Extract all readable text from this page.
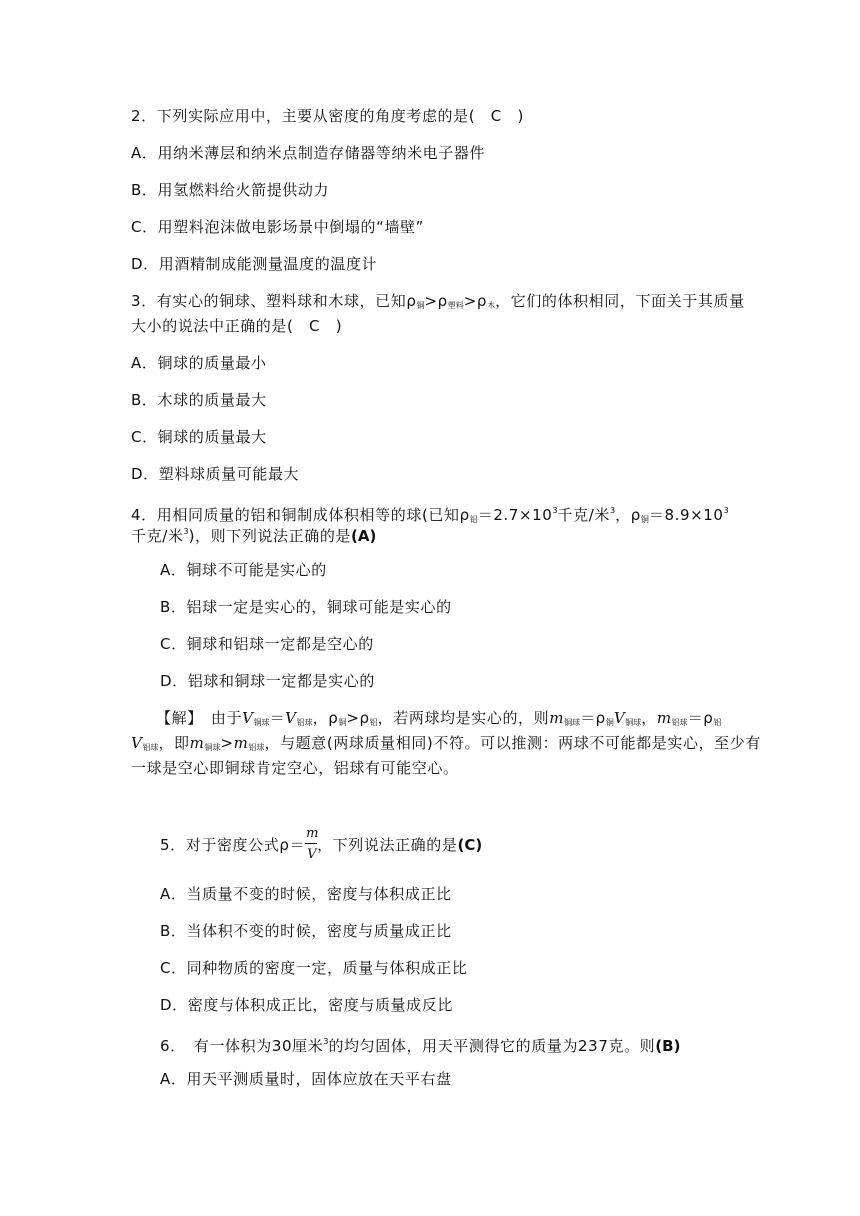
2．下列实际应用中，主要从密度的角度考虑的是(　C　)
A．用纳米薄层和纳米点制造存储器等纳米电子器件
B．用氢燃料给火箭提供动力
C．用塑料泡沫做电影场景中倒塌的“墙壁”
D．用酒精制成能测量温度的温度计
3．有实心的铜球、塑料球和木球，已知$\rho_铜>\rho_{塑料}>\rho_木$，它们的体积相同，下面关于其质量
大小的说法中正确的是(　C　)
A．铜球的质量最小
B．木球的质量最大
C．铜球的质量最大
D．塑料球质量可能最大
4．用相同质量的铝和铜制成体积相等的球(已知$\rho_铝=2.7\times 10^3$千克/米$^3$，$\rho_铜=8.9\times 10^3$
千克/米$^3$)，则下列说法正确的是(A)
A．铜球不可能是实心的
B．铝球一定是实心的，铜球可能是实心的
C．铜球和铝球一定都是空心的
D．铝球和铜球一定都是实心的
【解】　由于$V_{铜球}=V_{铝球}$，$\rho_铜>\rho_铝$，若两球均是实心的，则$m_{铜球}=\rho_铜V_{铜球}$，$m_{铝球}=\rho_铝$
$V_{铝球}$，即$m_{铜球}>m_{铝球}$，与题意(两球质量相同)不符。可以推测：两球不可能都是实心，至少有
一球是空心即铜球肯定空心，铝球有可能空心。
5．对于密度公式$\rho= \frac{m}{V}$ ，下列说法正确的是(C)
A．当质量不变的时候，密度与体积成正比
B．当体积不变的时候，密度与质量成正比
C．同种物质的密度一定，质量与体积成正比
D．密度与体积成正比，密度与质量成反比
6．　有一体积为30厘米$^3$的均匀固体，用天平测得它的质量为237克。则(B)
A．用天平测质量时，固体应放在天平右盘
